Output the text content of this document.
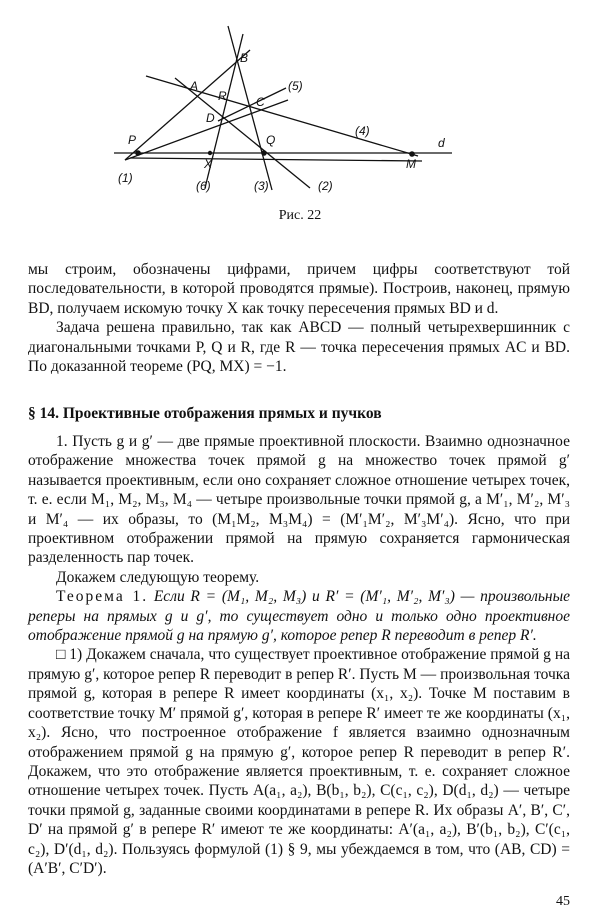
B
A
R C
D
P	Q
M
X
d
(1)
(2)
(3)
(4)
(5)
(6)
Рис. 22

мы строим, обозначены цифрами, причем цифры соответствуют той последовательности, в которой проводятся прямые). Построив, наконец, прямую BD, получаем искомую точку X как точку пересечения прямых BD и d.

Задача решена правильно, так как ABCD — полный четырехвершинник с диагональными точками P, Q и R, где R — точка пересечения прямых AC и BD. По доказанной теореме (PQ, MX) = −1.

§ 14. Проективные отображения прямых и пучков

1. Пусть g и g′ — две прямые проективной плоскости. Взаимно однозначное отображение множества точек прямой g на множество точек прямой g′ называется проективным, если оно сохраняет сложное отношение четырех точек, т. е. если M₁, M₂, M₃, M₄ — четыре произвольные точки прямой g, а M′₁, M′₂, M′₃ и M′₄ — их образы, то (M₁M₂, M₃M₄) = (M′₁M′₂, M′₃M′₄). Ясно, что при проективном отображении прямой на прямую сохраняется гармоническая разделенность пар точек.

Докажем следующую теорему.

Теорема 1. Если R = (M₁, M₂, M₃) и R′ = (M′₁, M′₂, M′₃) — произвольные реперы на прямых g и g′, то существует одно и только одно проективное отображение прямой g на прямую g′, которое репер R переводит в репер R′.

□ 1) Докажем сначала, что существует проективное отображение прямой g на прямую g′, которое репер R переводит в репер R′. Пусть M — произвольная точка прямой g, которая в репере R имеет координаты (x₁, x₂). Точке M поставим в соответствие точку M′ прямой g′, которая в репере R′ имеет те же координаты (x₁, x₂). Ясно, что построенное отображение f является взаимно однозначным отображением прямой g на прямую g′, которое репер R переводит в репер R′. Докажем, что это отображение является проективным, т. е. сохраняет сложное отношение четырех точек. Пусть A(a₁, a₂), B(b₁, b₂), C(c₁, c₂), D(d₁, d₂) — четыре точки прямой g, заданные своими координатами в репере R. Их образы A′, B′, C′, D′ на прямой g′ в репере R′ имеют те же координаты: A′(a₁, a₂), B′(b₁, b₂), C′(c₁, c₂), D′(d₁, d₂). Пользуясь формулой (1) § 9, мы убеждаемся в том, что (AB, CD) = (A′B′, C′D′).

45
